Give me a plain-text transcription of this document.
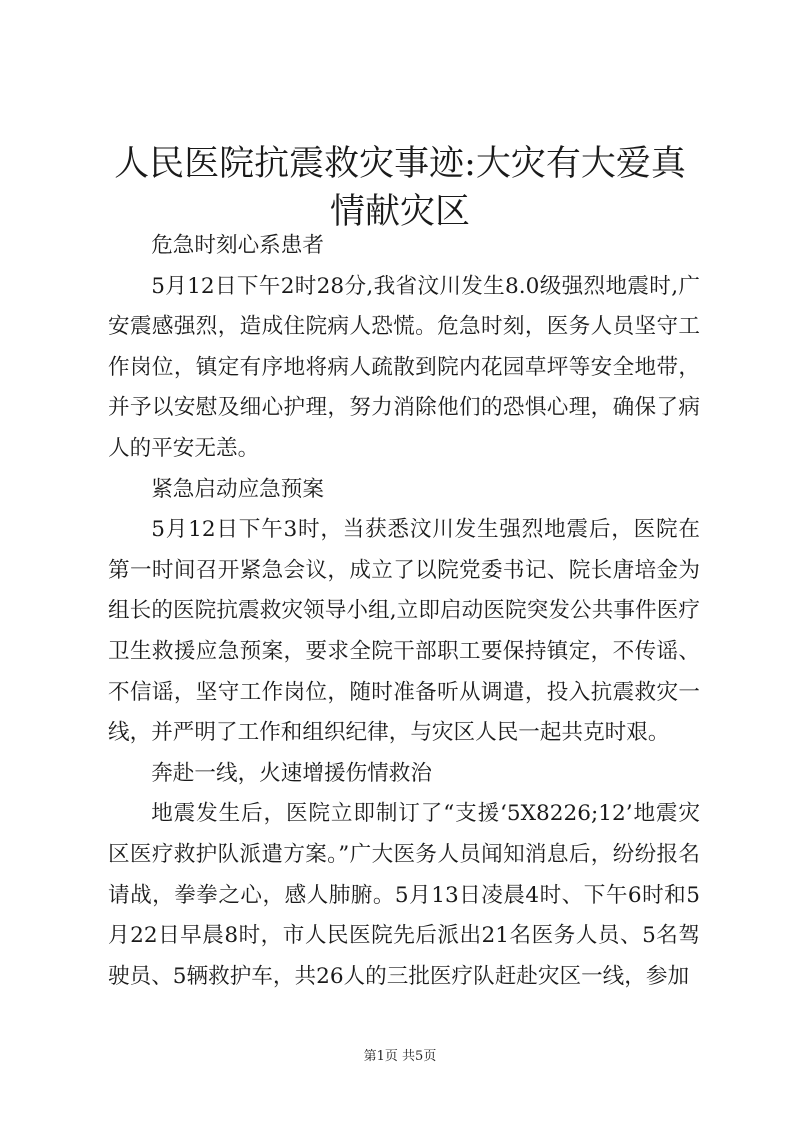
人民医院抗震救灾事迹:大灾有大爱真情献灾区

危急时刻心系患者

5月12日下午2时28分,我省汶川发生8.0级强烈地震时,广安震感强烈，造成住院病人恐慌。危急时刻，医务人员坚守工作岗位，镇定有序地将病人疏散到院内花园草坪等安全地带，并予以安慰及细心护理，努力消除他们的恐惧心理，确保了病人的平安无恙。

紧急启动应急预案

5月12日下午3时，当获悉汶川发生强烈地震后，医院在第一时间召开紧急会议，成立了以院党委书记、院长唐培金为组长的医院抗震救灾领导小组,立即启动医院突发公共事件医疗卫生救援应急预案，要求全院干部职工要保持镇定，不传谣、不信谣，坚守工作岗位，随时准备听从调遣，投入抗震救灾一线，并严明了工作和组织纪律，与灾区人民一起共克时艰。

奔赴一线，火速增援伤情救治

地震发生后，医院立即制订了“支援‘5X8226;12’地震灾区医疗救护队派遣方案。”广大医务人员闻知消息后，纷纷报名请战，拳拳之心，感人肺腑。5月13日凌晨4时、下午6时和5月22日早晨8时，市人民医院先后派出21名医务人员、5名驾驶员、5辆救护车，共26人的三批医疗队赶赴灾区一线，参加

第1页 共5页
